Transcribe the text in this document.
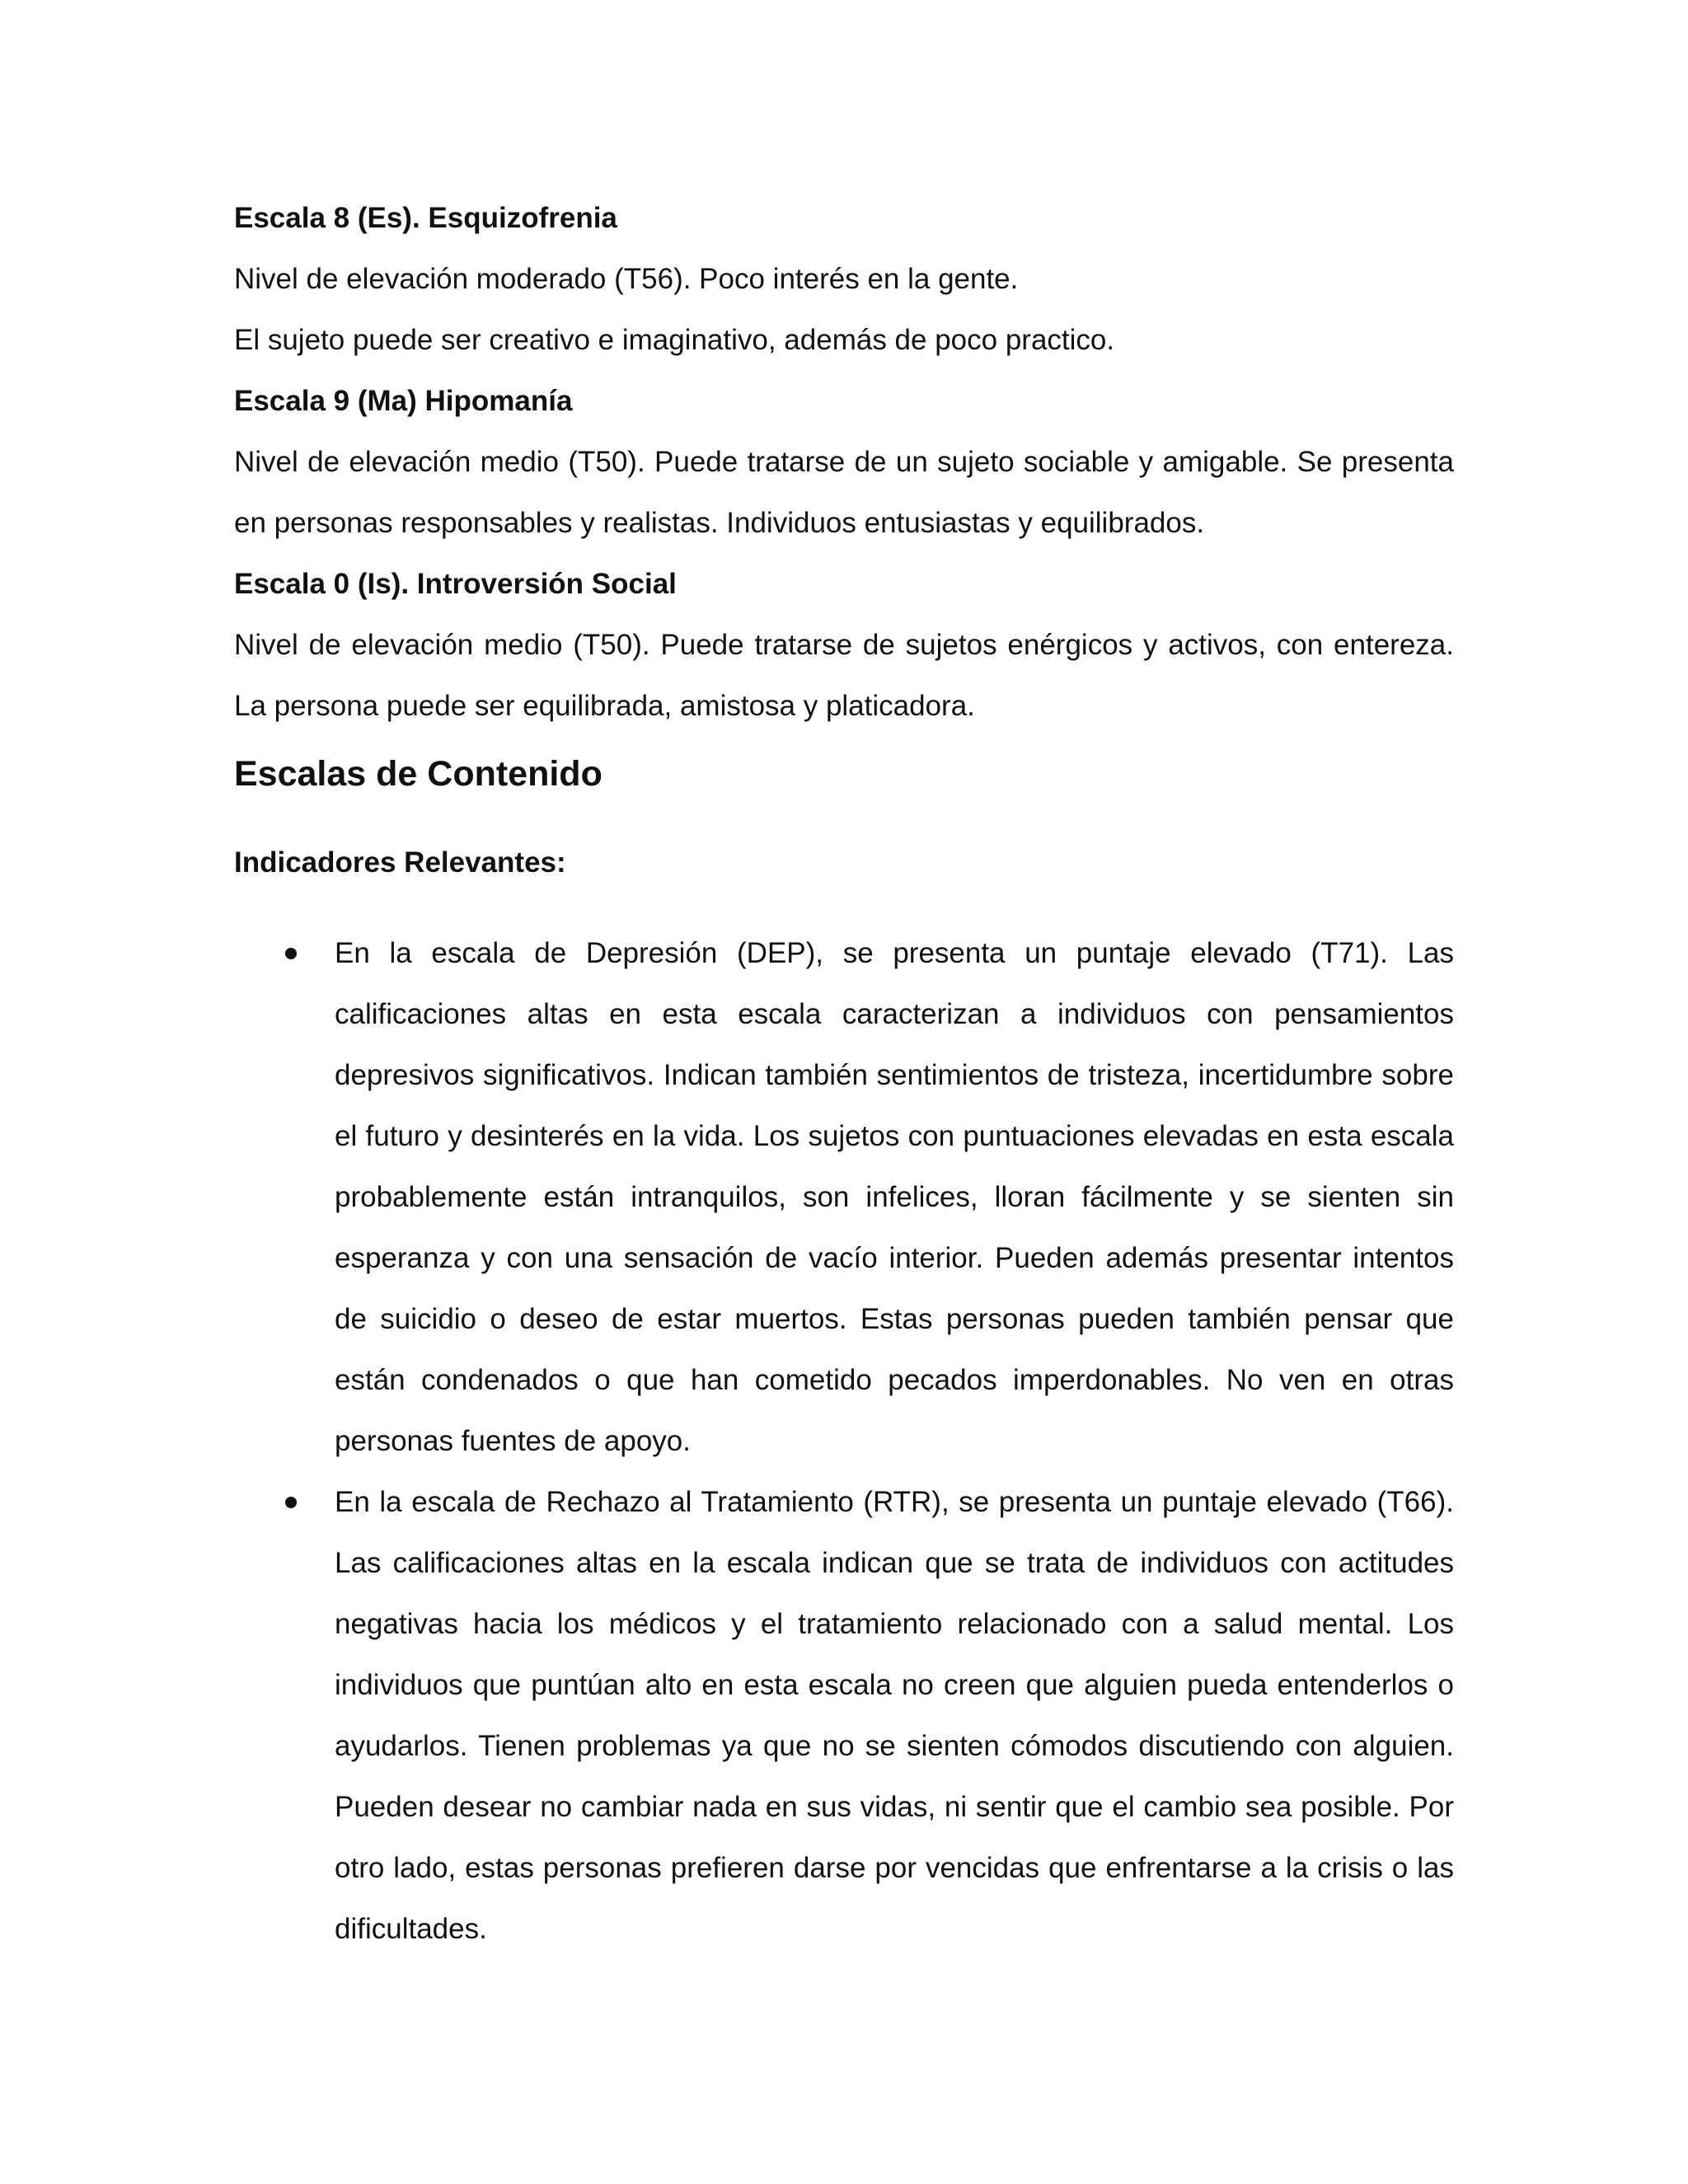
Escala 8 (Es). Esquizofrenia

Nivel de elevación moderado (T56). Poco interés en la gente.

El sujeto puede ser creativo e imaginativo, además de poco practico.

Escala 9 (Ma) Hipomanía

Nivel de elevación medio (T50). Puede tratarse de un sujeto sociable y amigable. Se presenta en personas responsables y realistas. Individuos entusiastas y equilibrados.

Escala 0 (Is). Introversión Social

Nivel de elevación medio (T50). Puede tratarse de sujetos enérgicos y activos, con entereza. La persona puede ser equilibrada, amistosa y platicadora.

Escalas de Contenido

Indicadores Relevantes:

En la escala de Depresión (DEP), se presenta un puntaje elevado (T71). Las calificaciones altas en esta escala caracterizan a individuos con pensamientos depresivos significativos. Indican también sentimientos de tristeza, incertidumbre sobre el futuro y desinterés en la vida. Los sujetos con puntuaciones elevadas en esta escala probablemente están intranquilos, son infelices, lloran fácilmente y se sienten sin esperanza y con una sensación de vacío interior. Pueden además presentar intentos de suicidio o deseo de estar muertos. Estas personas pueden también pensar que están condenados o que han cometido pecados imperdonables. No ven en otras personas fuentes de apoyo.
En la escala de Rechazo al Tratamiento (RTR), se presenta un puntaje elevado (T66). Las calificaciones altas en la escala indican que se trata de individuos con actitudes negativas hacia los médicos y el tratamiento relacionado con a salud mental. Los individuos que puntúan alto en esta escala no creen que alguien pueda entenderlos o ayudarlos. Tienen problemas ya que no se sienten cómodos discutiendo con alguien. Pueden desear no cambiar nada en sus vidas, ni sentir que el cambio sea posible. Por otro lado, estas personas prefieren darse por vencidas que enfrentarse a la crisis o las dificultades.
